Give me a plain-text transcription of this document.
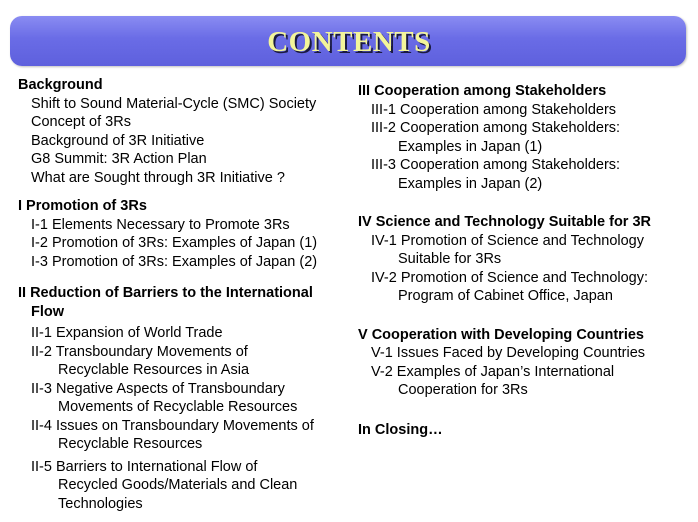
CONTENTS
Background
Shift to Sound Material-Cycle (SMC) Society
Concept of 3Rs
Background of 3R Initiative
G8 Summit: 3R Action Plan
What are Sought through 3R Initiative ?
I Promotion of 3Rs
I-1 Elements Necessary to Promote 3Rs
I-2 Promotion of 3Rs: Examples of Japan (1)
I-3 Promotion of 3Rs: Examples of Japan (2)
II Reduction of Barriers to the International
Flow
II-1 Expansion of World Trade
II-2 Transboundary Movements of
Recyclable Resources in Asia
II-3 Negative Aspects of Transboundary
Movements of Recyclable Resources
II-4 Issues on Transboundary Movements of
Recyclable Resources
II-5 Barriers to International Flow of
Recycled Goods/Materials and Clean
Technologies
III Cooperation among Stakeholders
III-1 Cooperation among Stakeholders
III-2 Cooperation among Stakeholders:
Examples in Japan (1)
III-3 Cooperation among Stakeholders:
Examples in Japan (2)
IV Science and Technology Suitable for 3R
IV-1 Promotion of Science and Technology
Suitable for 3Rs
IV-2 Promotion of Science and Technology:
Program of Cabinet Office, Japan
V Cooperation with Developing Countries
V-1 Issues Faced by Developing Countries
V-2 Examples of Japan’s International
Cooperation for 3Rs
In Closing…
